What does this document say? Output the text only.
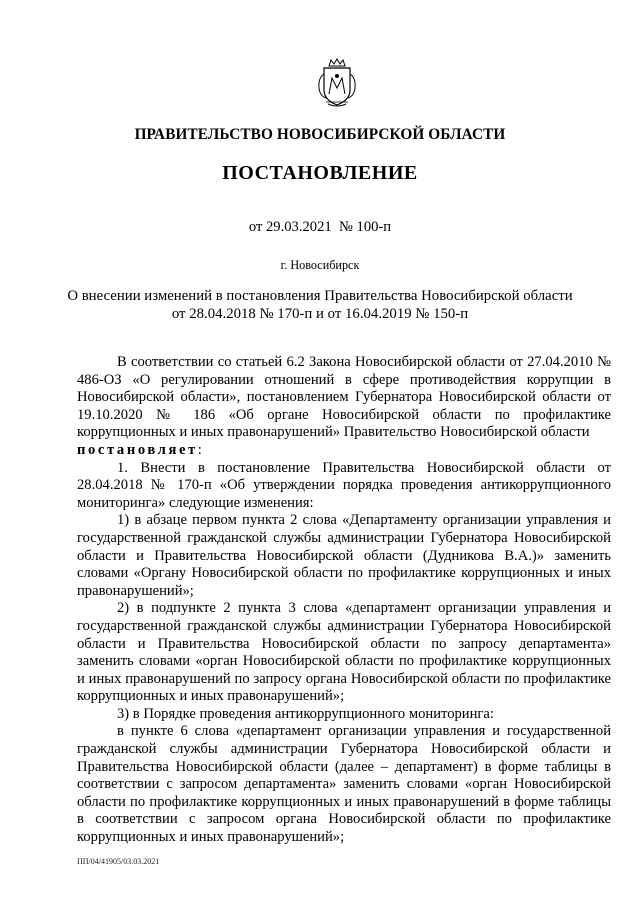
ПРАВИТЕЛЬСТВО НОВОСИБИРСКОЙ ОБЛАСТИ
ПОСТАНОВЛЕНИЕ
от 29.03.2021  № 100-п
г. Новосибирск
О внесении изменений в постановления Правительства Новосибирской области
от 28.04.2018 № 170-п и от 16.04.2019 № 150-п

В соответствии со статьей 6.2 Закона Новосибирской области от 27.04.2010 № 486-ОЗ «О регулировании отношений в сфере противодействия коррупции в Новосибирской области», постановлением Губернатора Новосибирской области от 19.10.2020 № 186 «Об органе Новосибирской области по профилактике коррупционных и иных правонарушений» Правительство Новосибирской области

постановляет:

1. Внести в постановление Правительства Новосибирской области от 28.04.2018 № 170-п «Об утверждении порядка проведения антикоррупционного мониторинга» следующие изменения:

1) в абзаце первом пункта 2 слова «Департаменту организации управления и государственной гражданской службы администрации Губернатора Новосибирской области и Правительства Новосибирской области (Дудникова В.А.)» заменить словами «Органу Новосибирской области по профилактике коррупционных и иных правонарушений»;

2) в подпункте 2 пункта 3 слова «департамент организации управления и государственной гражданской службы администрации Губернатора Новосибирской области и Правительства Новосибирской области по запросу департамента» заменить словами «орган Новосибирской области по профилактике коррупционных и иных правонарушений по запросу органа Новосибирской области по профилактике коррупционных и иных правонарушений»;

3) в Порядке проведения антикоррупционного мониторинга:

в пункте 6 слова «департамент организации управления и государственной гражданской службы администрации Губернатора Новосибирской области и Правительства Новосибирской области (далее – департамент) в форме таблицы в соответствии с запросом департамента» заменить словами «орган Новосибирской области по профилактике коррупционных и иных правонарушений в форме таблицы в соответствии с запросом органа Новосибирской области по профилактике коррупционных и иных правонарушений»;

ПП/04/41905/03.03.2021
